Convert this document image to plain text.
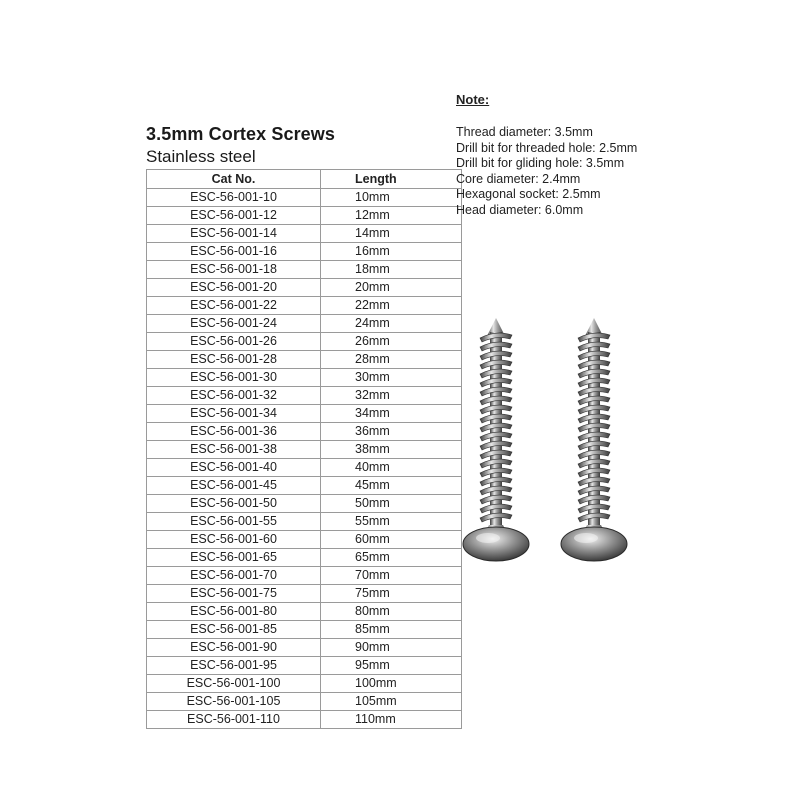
3.5mm Cortex Screws
Stainless steel
Cat No.	Length
ESC-56-001-10	10mm
ESC-56-001-12	12mm
ESC-56-001-14	14mm
ESC-56-001-16	16mm
ESC-56-001-18	18mm
ESC-56-001-20	20mm
ESC-56-001-22	22mm
ESC-56-001-24	24mm
ESC-56-001-26	26mm
ESC-56-001-28	28mm
ESC-56-001-30	30mm
ESC-56-001-32	32mm
ESC-56-001-34	34mm
ESC-56-001-36	36mm
ESC-56-001-38	38mm
ESC-56-001-40	40mm
ESC-56-001-45	45mm
ESC-56-001-50	50mm
ESC-56-001-55	55mm
ESC-56-001-60	60mm
ESC-56-001-65	65mm
ESC-56-001-70	70mm
ESC-56-001-75	75mm
ESC-56-001-80	80mm
ESC-56-001-85	85mm
ESC-56-001-90	90mm
ESC-56-001-95	95mm
ESC-56-001-100	100mm
ESC-56-001-105	105mm
ESC-56-001-110	110mm
Note:
Thread diameter: 3.5mm
Drill bit for threaded hole: 2.5mm
Drill bit for gliding hole: 3.5mm
Core diameter: 2.4mm
Hexagonal socket: 2.5mm
Head diameter: 6.0mm
